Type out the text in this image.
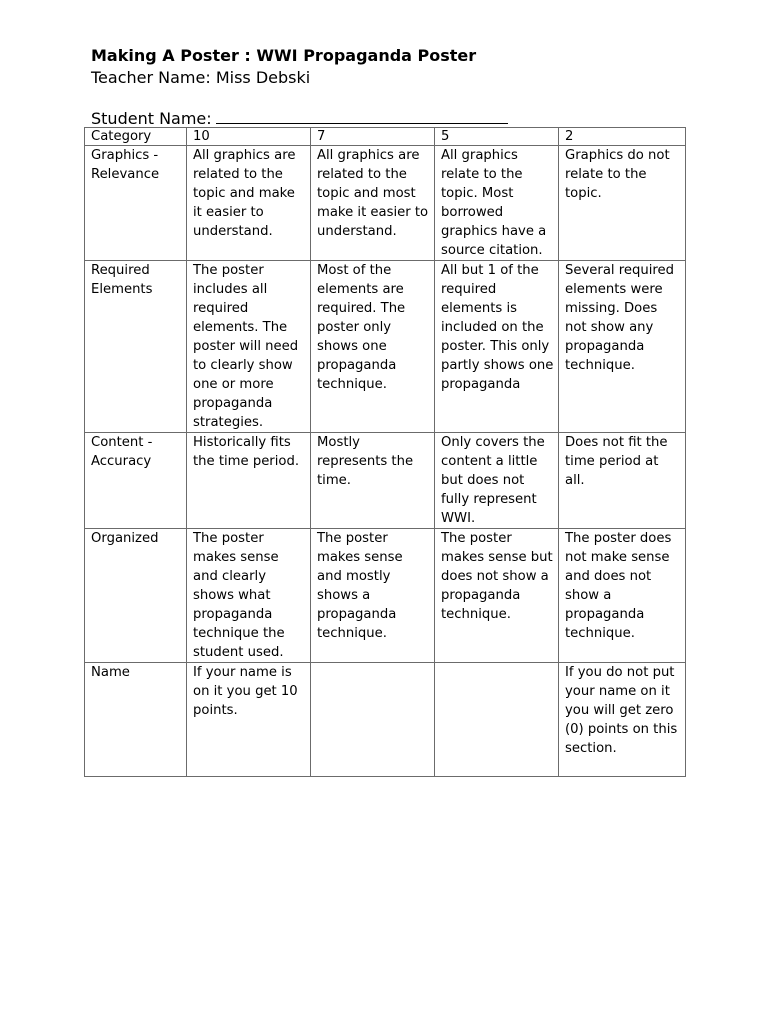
Making A Poster : WWI Propaganda Poster
Teacher Name: Miss Debski
Student Name:
Category	10	7	5	2
Graphics - Relevance	All graphics are related to the topic and make it easier to understand.	All graphics are related to the topic and most make it easier to understand.	All graphics relate to the topic. Most borrowed graphics have a source citation.	Graphics do not relate to the topic.
Required Elements	The poster includes all required elements. The poster will need to clearly show one or more propaganda strategies.	Most of the elements are required. The poster only shows one propaganda technique.	All but 1 of the required elements is included on the poster. This only partly shows one propaganda	Several required elements were missing. Does not show any propaganda technique.
Content - Accuracy	Historically fits the time period.	Mostly represents the time.	Only covers the content a little but does not fully represent WWI.	Does not fit the time period at all.
Organized	The poster makes sense and clearly shows what propaganda technique the student used.	The poster makes sense and mostly shows a propaganda technique.	The poster makes sense but does not show a propaganda technique.	The poster does not make sense and does not show a propaganda technique.
Name	If your name is on it you get 10 points.			If you do not put your name on it you will get zero (0) points on this section.
